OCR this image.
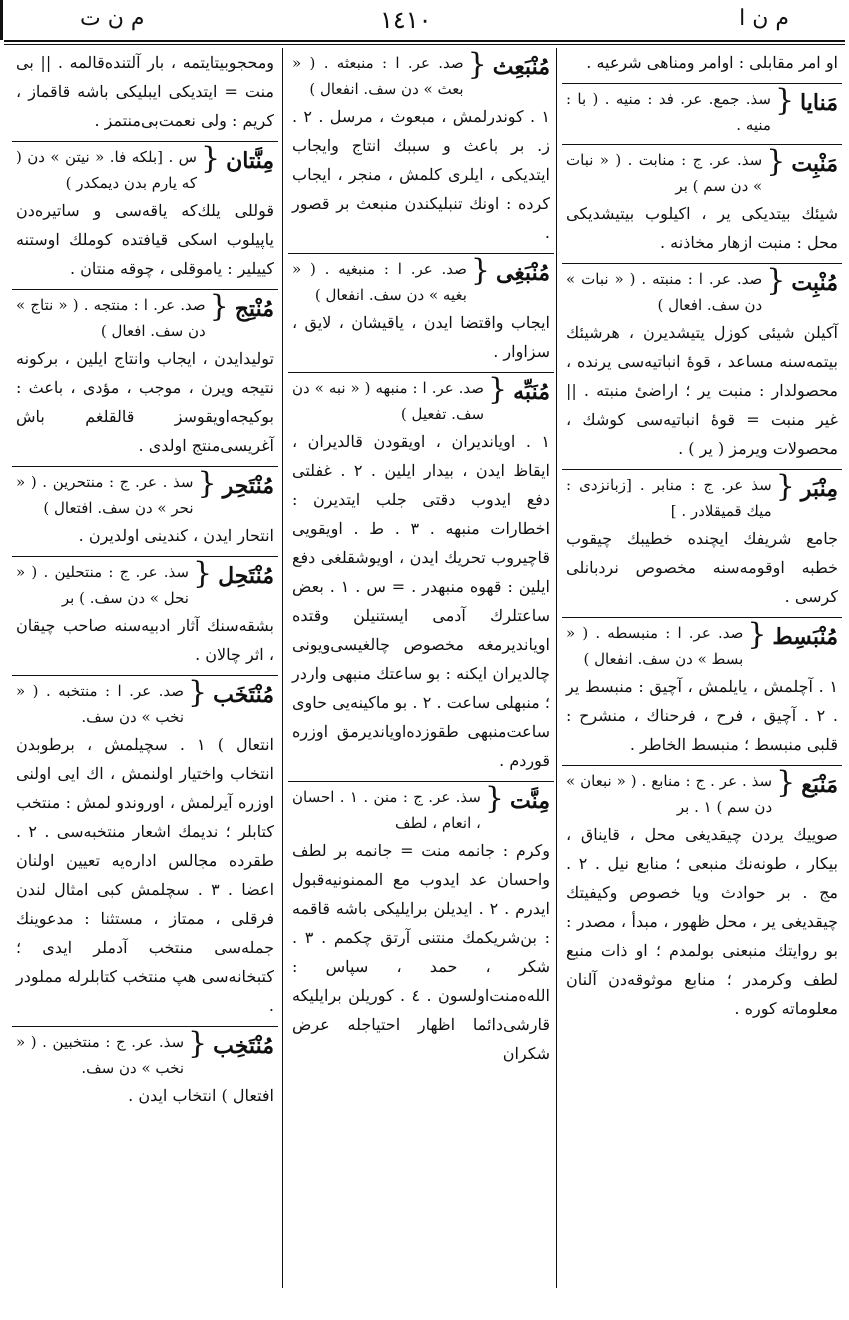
م ن ت	١٤١٠	م ن ا
او امر مقابلی : اوامر ومناهی شرعیه .
مَنایا
{
سذ. جمع. عر. فد : منیه . ( با : منیه .
مَنْبِت
{
سذ. عر. ج : منابت . ( « نبات » دن سم ) بر
شیئك بیتدیكی یر ، اكیلوب بیتیشدیكی محل : منبت ازهار مخاذنه .
مُنْبِت
{
صد. عر. ا : منبته . ( « نبات » دن سف. افعال )
آكیلن شیئی كوزل یتیشدیرن ، هرشیئك بیتمه‌سنه مساعد ، قوهٔ انباتیه‌سی یرنده ، محصولدار : منبت یر ؛ اراضیٔ منبته . || غیر منبت = قوهٔ انباتیه‌سی كوشك ، محصولات ویرمز ( یر ) .
مِنْبَر
{
سذ عر. ج : منابر . [زبانزدی : میك قمیقلادر . ]
جامع شریفك ایچنده خطیبك چیقوب خطبه اوقومه‌سنه مخصوص نردبانلی كرسی .
مُنْبَسِط
{
صد. عر. ا : منبسطه . ( « بسط » دن سف. انفعال )
١ . آچلمش ، یایلمش ، آچیق : منبسط یر . ٢ . آچیق ، فرح ، فرحناك ، منشرح : قلبی منبسط ؛ منبسط الخاطر .
مَنْبَع
{
سذ . عر . ج : منابع . ( « نبعان » دن سم ) ١ . بر
صوییك یردن چیقدیغی محل ، قایناق ، بیكار ، طونه‌نك منبعی ؛ منابع نیل . ٢ . مج . بر حوادث ویا خصوص وكیفیتك چیقدیغی یر ، محل ظهور ، مبدأ ، مصدر : بو روایتك منبعنی بولمدم ؛ او ذات منبع لطف وكرمدر ؛ منابع موثوقه‌دن آلنان معلوماته كوره .
مُنْبَعِث
{
صد. عر. ا : منبعثه . ( « بعث » دن سف. انفعال )
١ . كوندرلمش ، مبعوث ، مرسل . ٢ . ز. بر باعث و سببك انتاج وایجاب ایتدیكی ، ایلری كلمش ، منجر ، ایجاب كرده : اونك تنبلیكندن منبعث بر قصور .
مُنْبَغِی
{
صد. عر. ا : منبغیه . ( « بغیه » دن سف. انفعال )
ایجاب واقتضا ایدن ، یاقیشان ، لایق ، سزاوار .
مُنَبِّه
{
صد. عر. ا : منبهه ( « نبه » دن سف. تفعیل )
١ . اویاندیران ، اویقودن قالدیران ، ایقاظ ایدن ، بیدار ایلین . ٢ . غفلتی دفع ایدوب دقتی جلب ایتدیرن : اخطارات منبهه . ٣ . ط . اویقویی قاچیروب تحریك ایدن ، اویوشقلغی دفع ایلین : قهوه منبهدر . = س . ١ . بعض ساعتلرك آدمی ایستنیلن وقتده اویاندیرمغه مخصوص چالغیسی‌ویونی چالدیران ایكنه : بو ساعتك منبهی واردر ؛ منبهلی ساعت . ٢ . بو ماكینه‌یی حاوی ساعت‌منبهی‌ طقوزده‌‌اویاندیرمق اوزره قوردم .
مِنَّت
{
سذ. عر. ج : منن . ١ . احسان ، انعام ، لطف
وكرم : جانمه منت = جانمه بر لطف واحسان عد ایدوب مع‌ الممنونیه‌قبول ایدرم . ٢ . ایدیلن برایلیكی باشه قاقمه : بن‌شریكمك منتنی آرتق چكمم . ٣ . شكر ، حمد ، سپاس : الله‌ه‌منت‌اولسون . ٤ . كوریلن برایلیكه قارشی‌دائما اظهار احتیاجله عرض شكران
ومحجوبیتایتمه ، بار آلتنده‌قالمه . || بی منت = ایتدیكی ایبلیكی باشه قاقماز ، كریم : ولی نعمت‌بی‌منتمز .
مِنَّتان
{
س . [بلكه فا. « نیتن » دن ( كه یارم بدن دیمكدر )
قوللی یلك‌كه یاقه‌سی و ساتیره‌دن یاپیلوب اسكی قیافتده كوملك اوستنه كییلیر : یاموقلی ، چوقه منتان .
مُنْتِج
{
صد. عر. ا : منتجه . ( « نتاج » دن سف. افعال )
تولیدایدن ، ایجاب وانتاج ایلین ، بركونه نتیجه ویرن ، موجب ، مؤدی ، باعث : بوكیجه‌اویقوسز قالقلغم باش آغریسی‌منتج اولدی .
مُنْتَحِر
{
سذ . عر. ج : منتحرین . ( « نحر » دن سف. افتعال )
انتحار ایدن ، كندینی اولدیرن .
مُنْتَحِل
{
سذ. عر. ج : منتحلین . ( « نحل » دن سف. ) بر
بشقه‌سنك آثار ادبیه‌سنه صاحب چیقان ، اثر چالان .
مُنْتَخَب
{
صد. عر. ا : منتخبه . ( « نخب » دن سف.
انتعال ) ١ . سچیلمش ، برطوبدن انتخاب واختیار اولنمش ، اك ایی اولنی اوزره آیرلمش ، اوروندو لمش : منتخب كتابلر ؛ ندیمك اشعار منتخبه‌سی . ٢ . طقرده مجالس اداره‌یه تعیین اولنان اعضا . ٣ . سچلمش كبی امثال‌ لندن فرقلی ، ممتاز ، مستثنا : مدعوینك جمله‌سی منتخب آدملر ایدی ؛ كتبخانه‌سی هپ منتخب كتابلرله مملودر .
مُنْتَخِب
{
سذ. عر. ج : منتخبین . ( « نخب » دن سف.
افتعال ) انتخاب ایدن .
